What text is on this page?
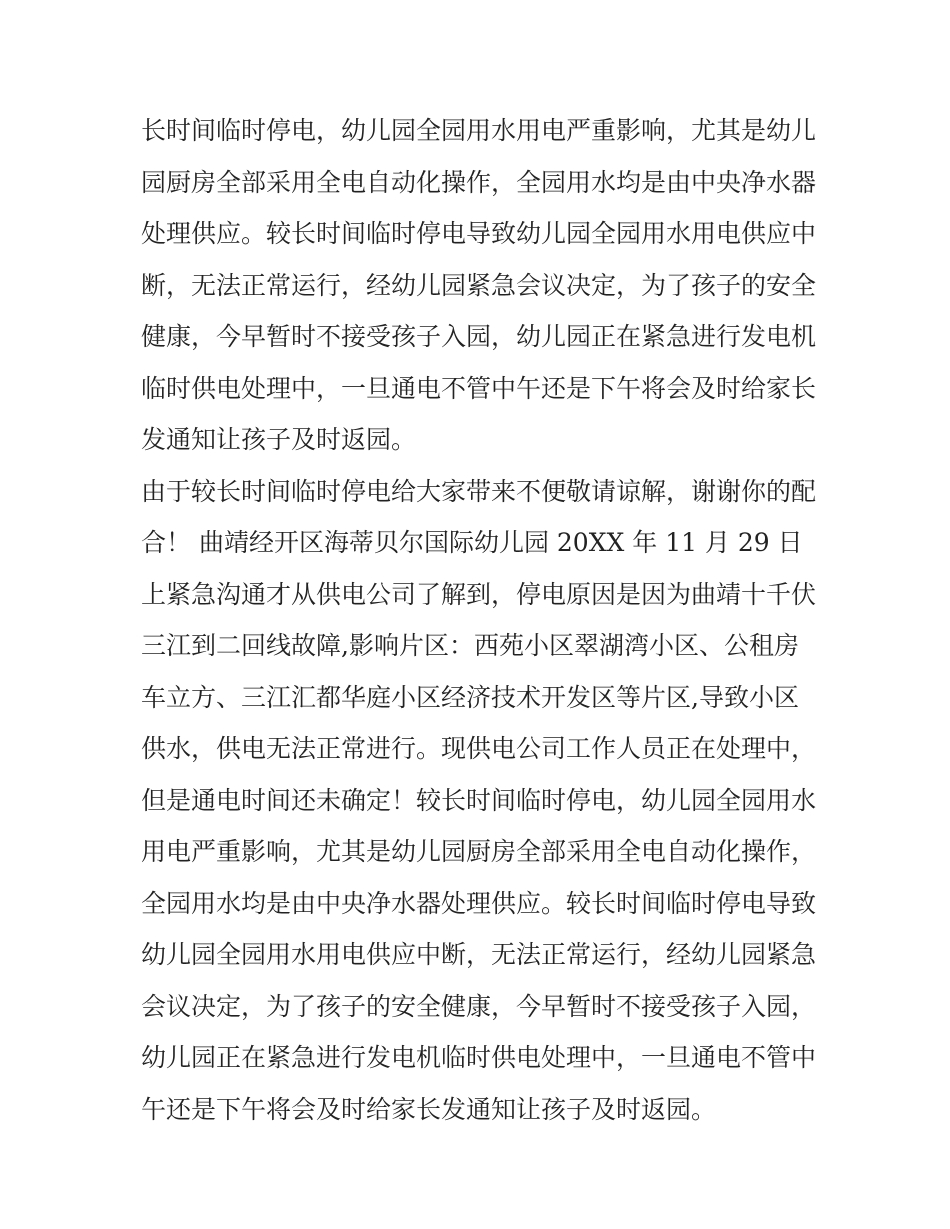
长时间临时停电，幼儿园全园用水用电严重影响，尤其是幼儿
园厨房全部采用全电自动化操作，全园用水均是由中央净水器
处理供应。较长时间临时停电导致幼儿园全园用水用电供应中
断，无法正常运行，经幼儿园紧急会议决定，为了孩子的安全
健康，今早暂时不接受孩子入园，幼儿园正在紧急进行发电机
临时供电处理中，一旦通电不管中午还是下午将会及时给家长
发通知让孩子及时返园。
由于较长时间临时停电给大家带来不便敬请谅解，谢谢你的配
合！ 曲靖经开区海蒂贝尔国际幼儿园 20XX 年 11 月 29 日
上紧急沟通才从供电公司了解到，停电原因是因为曲靖十千伏
三江到二回线故障,影响片区：西苑小区翠湖湾小区、公租房
车立方、三江汇都华庭小区经济技术开发区等片区,导致小区
供水，供电无法正常进行。现供电公司工作人员正在处理中，
但是通电时间还未确定！较长时间临时停电，幼儿园全园用水
用电严重影响，尤其是幼儿园厨房全部采用全电自动化操作，
全园用水均是由中央净水器处理供应。较长时间临时停电导致
幼儿园全园用水用电供应中断，无法正常运行，经幼儿园紧急
会议决定，为了孩子的安全健康，今早暂时不接受孩子入园，
幼儿园正在紧急进行发电机临时供电处理中，一旦通电不管中
午还是下午将会及时给家长发通知让孩子及时返园。
